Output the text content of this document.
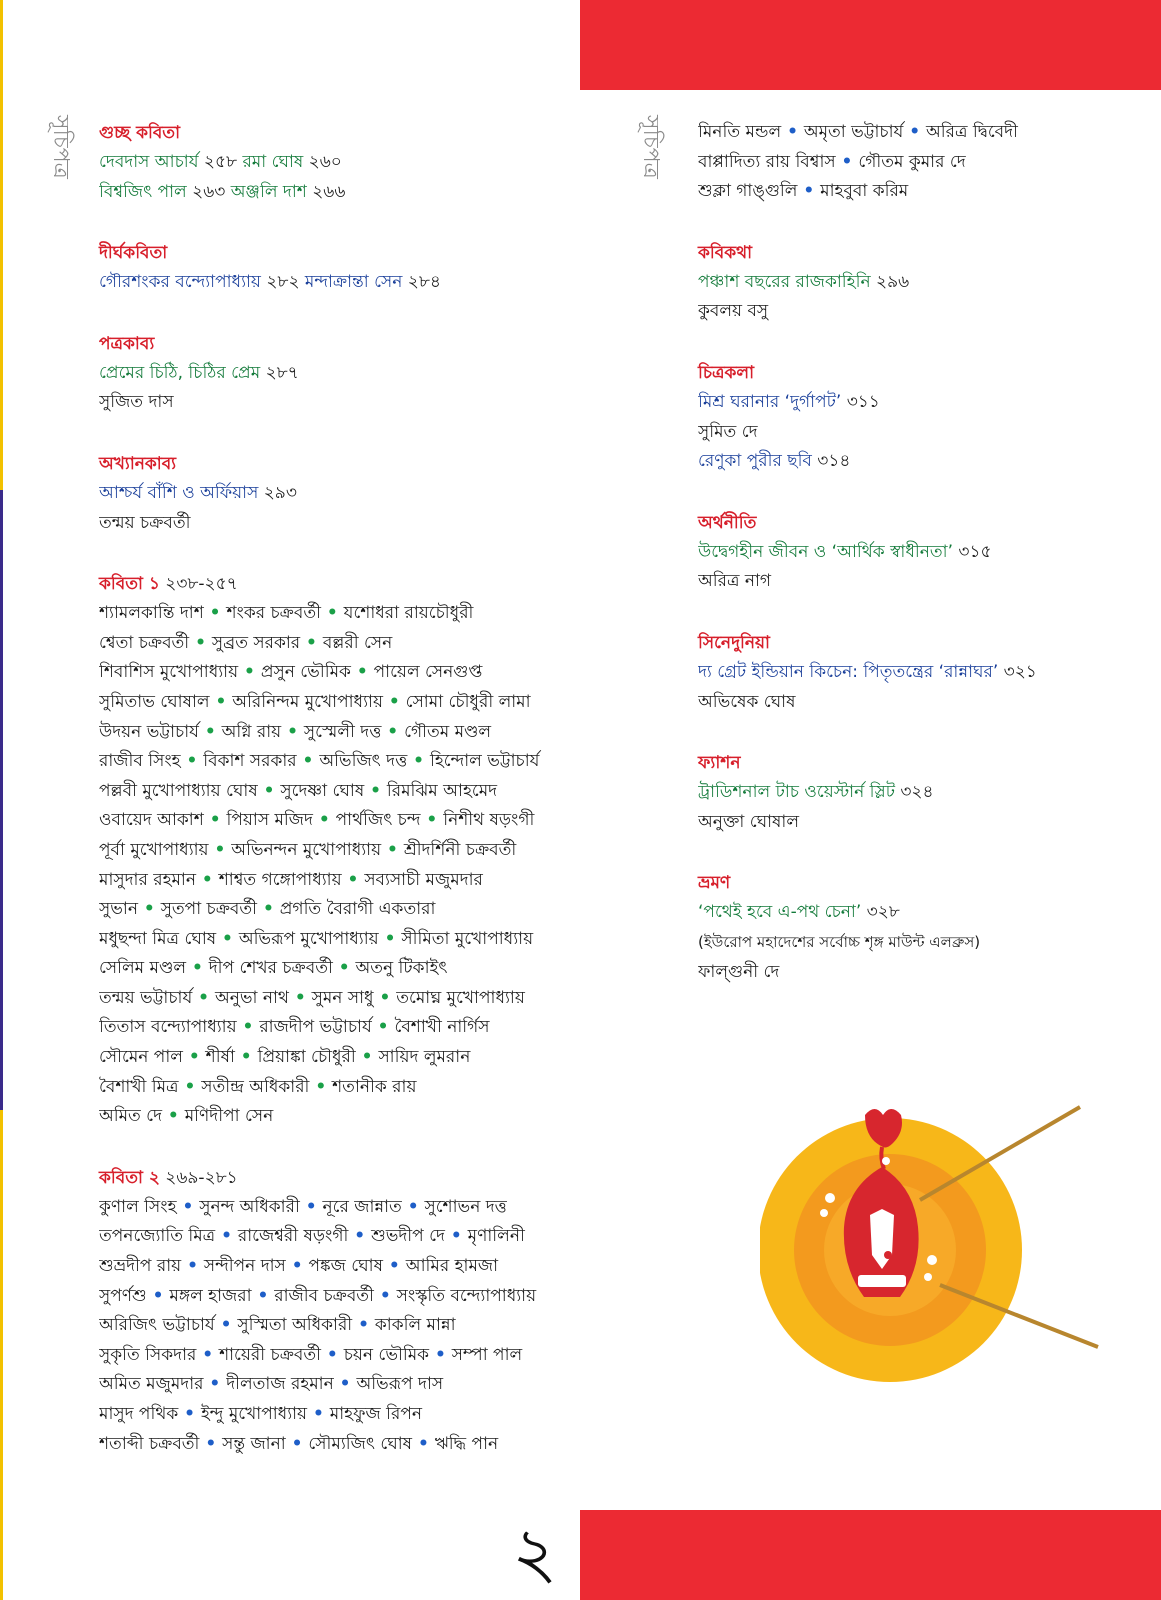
সূচিপত্র	সূচিপত্র
গুচ্ছ কবিতা
দেবদাস আচার্য ২৫৮ রমা ঘোষ ২৬০
বিশ্বজিৎ পাল ২৬৩ অঞ্জলি দাশ ২৬৬
দীর্ঘকবিতা
গৌরশংকর বন্দ্যোপাধ্যায় ২৮২ মন্দাক্রান্তা সেন ২৮৪
পত্রকাব্য
প্রেমের চিঠি, চিঠির প্রেম ২৮৭
সুজিত দাস
অখ্যানকাব্য
আশ্চর্য বাঁশি ও অর্ফিয়াস ২৯৩
তন্ময় চক্রবর্তী
কবিতা ১ ২৩৮-২৫৭
শ্যামলকান্তি দাশ • শংকর চক্রবর্তী • যশোধরা রায়চৌধুরী
শ্বেতা চক্রবর্তী • সুব্রত সরকার • বল্লরী সেন
শিবাশিস মুখোপাধ্যায় • প্রসুন ভৌমিক • পায়েল সেনগুপ্ত
সুমিতাভ ঘোষাল • অরিনিন্দম মুখোপাধ্যায় • সোমা চৌধুরী লামা
উদয়ন ভট্টাচার্য • অগ্নি রায় • সুস্মেলী দত্ত • গৌতম মণ্ডল
রাজীব সিংহ • বিকাশ সরকার • অভিজিৎ দত্ত • হিন্দোল ভট্টাচার্য
পল্লবী মুখোপাধ্যায় ঘোষ • সুদেষ্ণা ঘোষ • রিমঝিম আহমেদ
ওবায়েদ আকাশ • পিয়াস মজিদ • পার্থজিৎ চন্দ • নিশীথ ষড়ংগী
পূর্বা মুখোপাধ্যায় • অভিনন্দন মুখোপাধ্যায় • শ্রীদর্শিনী চক্রবর্তী
মাসুদার রহমান • শাশ্বত গঙ্গোপাধ্যায় • সব্যসাচী মজুমদার
সুভান • সুতপা চক্রবর্তী • প্রগতি বৈরাগী একতারা
মধুছন্দা মিত্র ঘোষ • অভিরূপ মুখোপাধ্যায় • সীমিতা মুখোপাধ্যায়
সেলিম মণ্ডল • দীপ শেখর চক্রবর্তী • অতনু টিকাইৎ
তন্ময় ভট্টাচার্য • অনুভা নাথ • সুমন সাধু • তমোঘ্ন মুখোপাধ্যায়
তিতাস বন্দ্যোপাধ্যায় • রাজদীপ ভট্টাচার্য • বৈশাখী নার্গিস
সৌমেন পাল • শীর্ষা • প্রিয়াঙ্কা চৌধুরী • সায়িদ লুমরান
বৈশাখী মিত্র • সতীন্দ্র অধিকারী • শতানীক রায়
অমিত দে • মণিদীপা সেন
কবিতা ২ ২৬৯-২৮১
কুণাল সিংহ • সুনন্দ অধিকারী • নূরে জান্নাত • সুশোভন দত্ত
তপনজ্যোতি মিত্র • রাজেশ্বরী ষড়ংগী • শুভদীপ দে • মৃণালিনী
শুভ্রদীপ রায় • সন্দীপন দাস • পঙ্কজ ঘোষ • আমির হামজা
সুপর্ণশু • মঙ্গল হাজরা • রাজীব চক্রবর্তী • সংস্কৃতি বন্দ্যোপাধ্যায়
অরিজিৎ ভট্টাচার্য • সুস্মিতা অধিকারী • কাকলি মান্না
সুকৃতি সিকদার • শায়েরী চক্রবর্তী • চয়ন ভৌমিক • সম্পা পাল
অমিত মজুমদার • দীলতাজ রহমান • অভিরূপ দাস
মাসুদ পথিক • ইন্দু মুখোপাধ্যায় • মাহফুজ রিপন
শতাব্দী চক্রবর্তী • সন্তু জানা • সৌম্যজিৎ ঘোষ • ঋদ্ধি পান
মিনতি মন্ডল • অমৃতা ভট্টাচার্য • অরিত্র দ্বিবেদী
বাপ্পাদিত্য রায় বিশ্বাস • গৌতম কুমার দে
শুক্লা গাঙ্গুলি • মাহবুবা করিম
কবিকথা
পঞ্চাশ বছরের রাজকাহিনি ২৯৬
কুবলয় বসু
চিত্রকলা
মিশ্র ঘরানার ‘দুর্গাপট’ ৩১১
সুমিত দে
রেণুকা পুরীর ছবি ৩১৪
অর্থনীতি
উদ্বেগহীন জীবন ও ‘আর্থিক স্বাধীনতা’ ৩১৫
অরিত্র নাগ
সিনেদুনিয়া
দ্য গ্রেট ইন্ডিয়ান কিচেন: পিতৃতন্ত্রের ‘রান্নাঘর’ ৩২১
অভিষেক ঘোষ
ফ্যাশন
ট্রাডিশনাল টাচ ওয়েস্টার্ন স্লিট ৩২৪
অনুক্তা ঘোষাল
ভ্রমণ
‘পথেই হবে এ-পথ চেনা’ ৩২৮
(ইউরোপ মহাদেশের সর্বোচ্চ শৃঙ্গ মাউন্ট এলব্রুস)
ফাল্গুনী দে
২
